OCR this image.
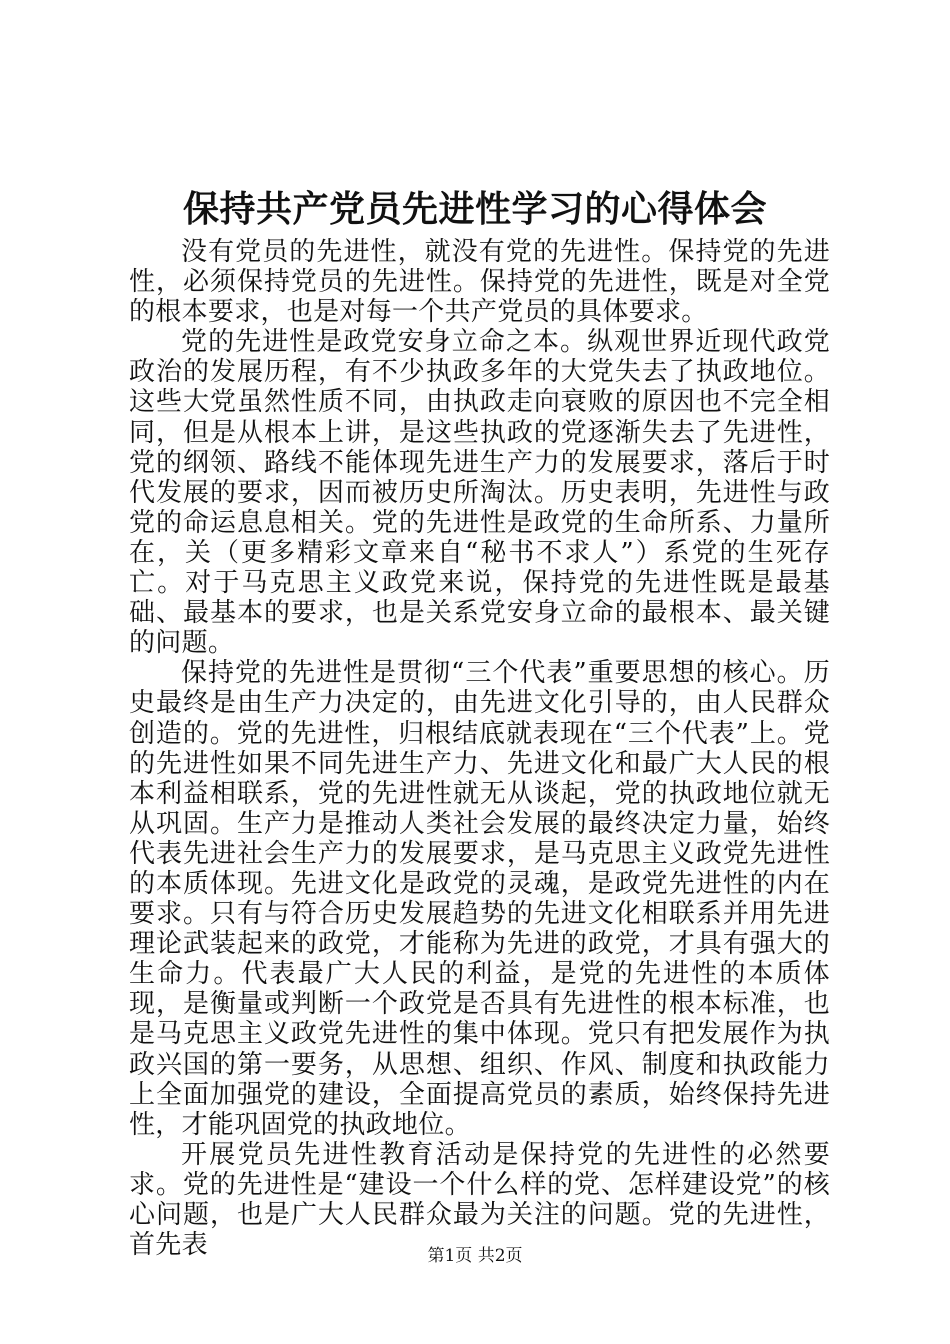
保持共产党员先进性学习的心得体会

没有党员的先进性，就没有党的先进性。保持党的先进性，必须保持党员的先进性。保持党的先进性，既是对全党的根本要求，也是对每一个共产党员的具体要求。

党的先进性是政党安身立命之本。纵观世界近现代政党政治的发展历程，有不少执政多年的大党失去了执政地位。这些大党虽然性质不同，由执政走向衰败的原因也不完全相同，但是从根本上讲，是这些执政的党逐渐失去了先进性，党的纲领、路线不能体现先进生产力的发展要求，落后于时代发展的要求，因而被历史所淘汰。历史表明，先进性与政党的命运息息相关。党的先进性是政党的生命所系、力量所在，关（更多精彩文章来自“秘书不求人”）系党的生死存亡。对于马克思主义政党来说，保持党的先进性既是最基础、最基本的要求，也是关系党安身立命的最根本、最关键的问题。

保持党的先进性是贯彻“三个代表”重要思想的核心。历史最终是由生产力决定的，由先进文化引导的，由人民群众创造的。党的先进性，归根结底就表现在“三个代表”上。党的先进性如果不同先进生产力、先进文化和最广大人民的根本利益相联系，党的先进性就无从谈起，党的执政地位就无从巩固。生产力是推动人类社会发展的最终决定力量，始终代表先进社会生产力的发展要求，是马克思主义政党先进性的本质体现。先进文化是政党的灵魂，是政党先进性的内在要求。只有与符合历史发展趋势的先进文化相联系并用先进理论武装起来的政党，才能称为先进的政党，才具有强大的生命力。代表最广大人民的利益，是党的先进性的本质体现，是衡量或判断一个政党是否具有先进性的根本标准，也是马克思主义政党先进性的集中体现。党只有把发展作为执政兴国的第一要务，从思想、组织、作风、制度和执政能力上全面加强党的建设，全面提高党员的素质，始终保持先进性，才能巩固党的执政地位。

开展党员先进性教育活动是保持党的先进性的必然要求。党的先进性是“建设一个什么样的党、怎样建设党”的核心问题，也是广大人民群众最为关注的问题。党的先进性，首先表	第1页 共2页
